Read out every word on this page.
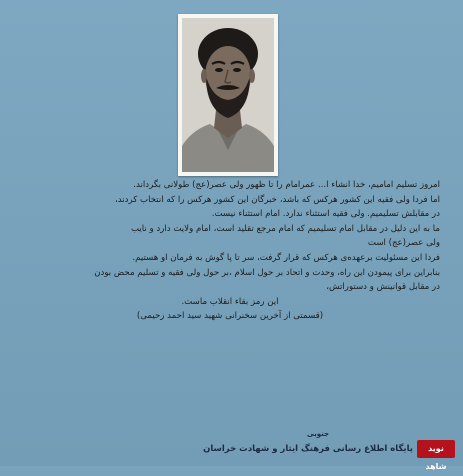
امروز تسلیم امامیم، خدا انشاء ا... عمرامام را تا ظهور ولی عصر(عج) طولانی بگرداند.
اما فردا ولی فقیه این کشور هرکس که باشد، خبرگان این کشور هرکس را که انتخاب کردند،
در مقابلش تسلیمیم. ولی فقیه استثناء ندارد. امام استثناء نیست.
ما به این دلیل در مقابل امام تسلیمیم که امام مرجع تقلید است، امام ولایت دارد و نایب
ولی عصر(عج) است
فردا این مسئولیت برعهده‌ی هرکس که قرار گرفت، سر تا پا گوش به فرمان او هستیم.
بنابراین برای پیمودن این راه، وحدت و اتحاد بر حول اسلام ،بر حول ولی فقیه و تسلیم محض بودن
در مقابل قوانینش و دستوراتش،
این رمز بقاء انقلاب ماست.
(قسمتی از آخرین سخنرانی شهید سید احمد رحیمی)
نوید شاهد
پایگاه اطلاع رسانی فرهنگ ایثار و شهادت خراسان
جنوبی
